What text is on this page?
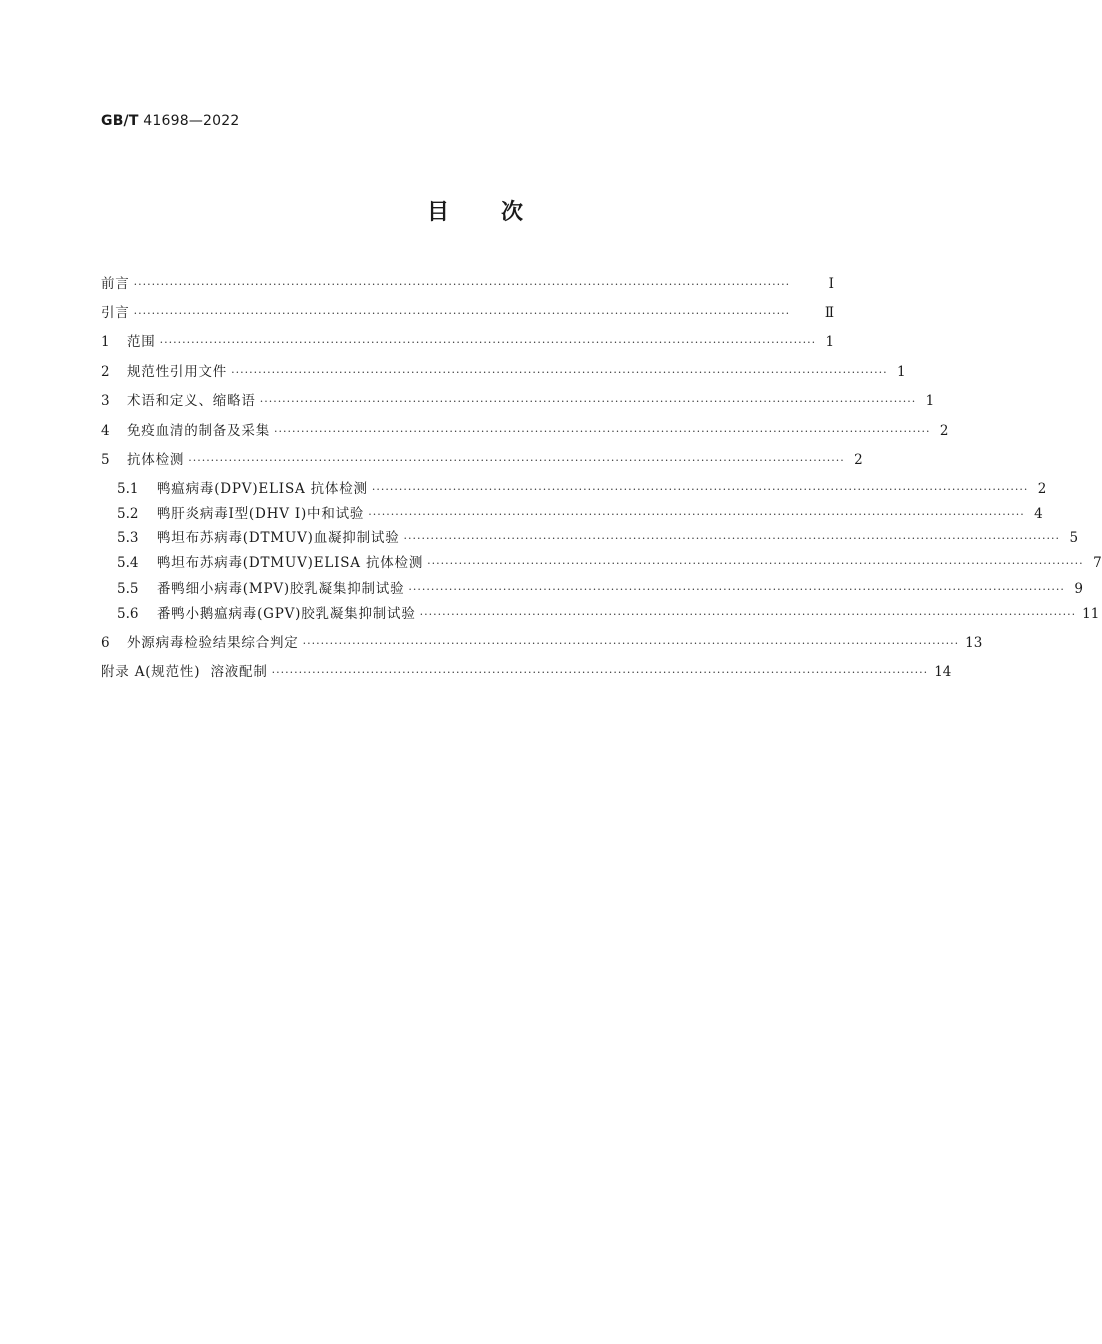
GB/T 41698—2022
目 次
前言 ··················································································································································	Ⅰ
引言 ··················································································································································	Ⅱ
1	范围 ·················································································································································· 1
2	规范性引用文件 ·················································································································································· 1
3	术语和定义、缩略语 ·················································································································································· 1
4	免疫血清的制备及采集 ·················································································································································· 2
5	抗体检测 ·················································································································································· 2
5.1	鸭瘟病毒(DPV)ELISA 抗体检测 ·················································································································································· 2
5.2	鸭肝炎病毒Ⅰ型(DHV Ⅰ)中和试验 ·················································································································································· 4
5.3	鸭坦布苏病毒(DTMUV)血凝抑制试验 ·················································································································································· 5
5.4	鸭坦布苏病毒(DTMUV)ELISA 抗体检测 ·················································································································································· 7
5.5	番鸭细小病毒(MPV)胶乳凝集抑制试验 ·················································································································································· 9
5.6	番鸭小鹅瘟病毒(GPV)胶乳凝集抑制试验 ·················································································································································· 11
6	外源病毒检验结果综合判定 ·················································································································································· 13
附录 A(规范性)  溶液配制 ·················································································································································· 14
